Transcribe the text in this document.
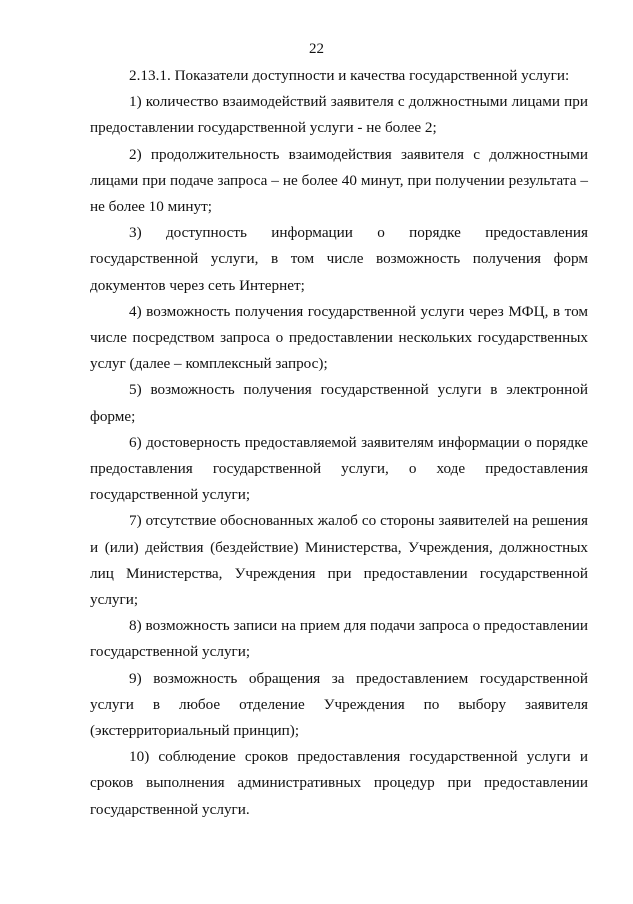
22

2.13.1. Показатели доступности и качества государственной услуги:

1) количество взаимодействий заявителя с должностными лицами при предоставлении государственной услуги - не более 2;

2) продолжительность взаимодействия заявителя с должностными лицами при подаче запроса – не более 40 минут, при получении результата – не более 10 минут;

3) доступность информации о порядке предоставления государственной услуги, в том числе возможность получения форм документов через сеть Интернет;

4) возможность получения государственной услуги через МФЦ, в том числе посредством запроса о предоставлении нескольких государственных услуг (далее – комплексный запрос);

5) возможность получения государственной услуги в электронной форме;

6) достоверность предоставляемой заявителям информации о порядке предоставления государственной услуги, о ходе предоставления государственной услуги;

7) отсутствие обоснованных жалоб со стороны заявителей на решения и (или) действия (бездействие) Министерства, Учреждения, должностных лиц Министерства, Учреждения при предоставлении государственной услуги;

8) возможность записи на прием для подачи запроса о предоставлении государственной услуги;

9) возможность обращения за предоставлением государственной услуги в любое отделение Учреждения по выбору заявителя (экстерриториальный принцип);

10) соблюдение сроков предоставления государственной услуги и сроков выполнения административных процедур при предоставлении государственной услуги.
